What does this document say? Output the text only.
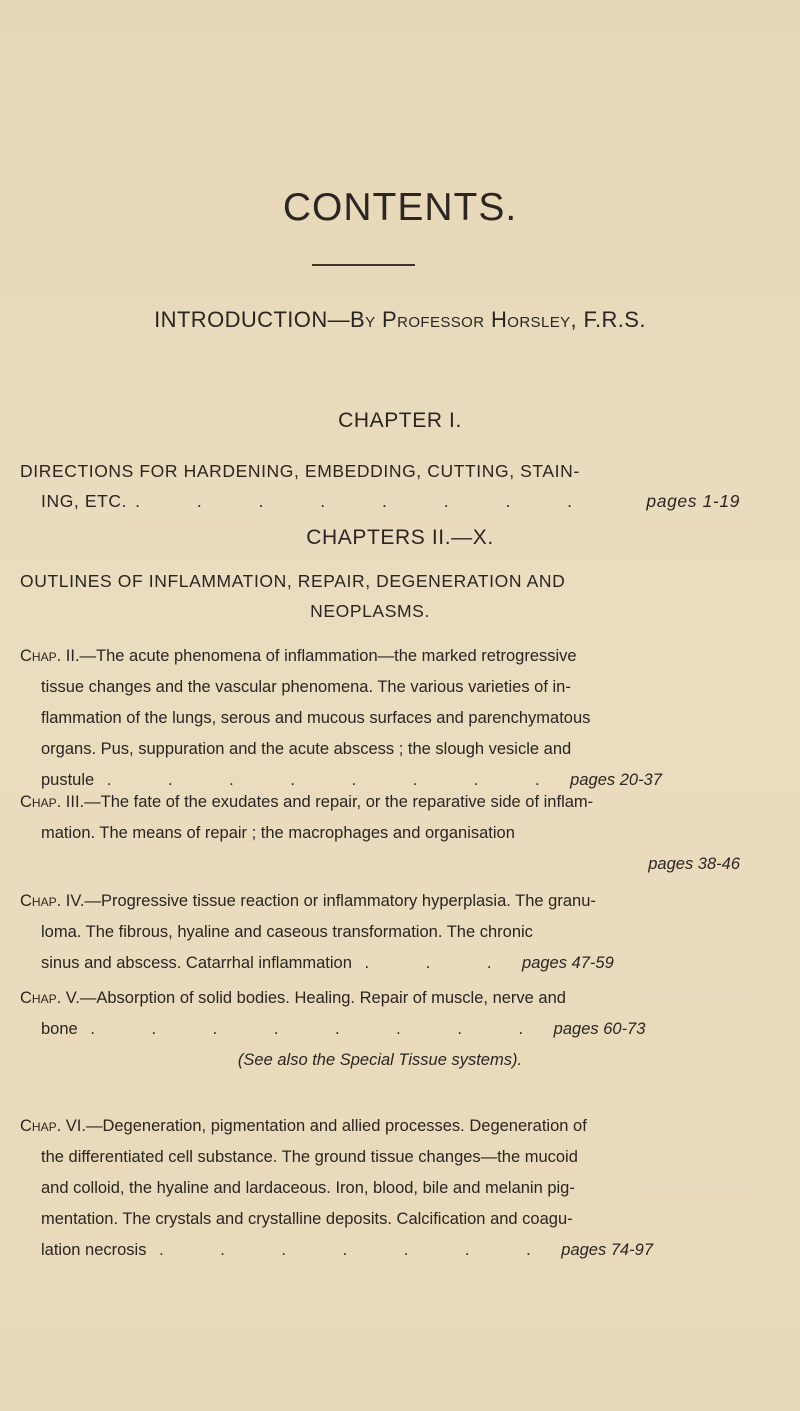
CONTENTS.
INTRODUCTION—By Professor Horsley, F.R.S.
CHAPTER I.
DIRECTIONS FOR HARDENING, EMBEDDING, CUTTING, STAIN-
ING, ETC. . . . . . . . .	pages 1-19
CHAPTERS II.—X.
OUTLINES OF INFLAMMATION, REPAIR, DEGENERATION AND
NEOPLASMS.
Chap. II.—The acute phenomena of inflammation—the marked retrogressive
tissue changes and the vascular phenomena. The various varieties of in-
flammation of the lungs, serous and mucous surfaces and parenchymatous
organs. Pus, suppuration and the acute abscess ; the slough vesicle and
pustule . . . . . . . . pages 20-37
Chap. III.—The fate of the exudates and repair, or the reparative side of inflam-
mation. The means of repair ; the macrophages and organisation
pages 38-46
Chap. IV.—Progressive tissue reaction or inflammatory hyperplasia. The granu-
loma. The fibrous, hyaline and caseous transformation. The chronic
sinus and abscess. Catarrhal inflammation . . . pages 47-59
Chap. V.—Absorption of solid bodies. Healing. Repair of muscle, nerve and
bone . . . . . . . . pages 60-73
(See also the Special Tissue systems).
Chap. VI.—Degeneration, pigmentation and allied processes. Degeneration of
the differentiated cell substance. The ground tissue changes—the mucoid
and colloid, the hyaline and lardaceous. Iron, blood, bile and melanin pig-
mentation. The crystals and crystalline deposits. Calcification and coagu-
lation necrosis . . . . . . . pages 74-97
